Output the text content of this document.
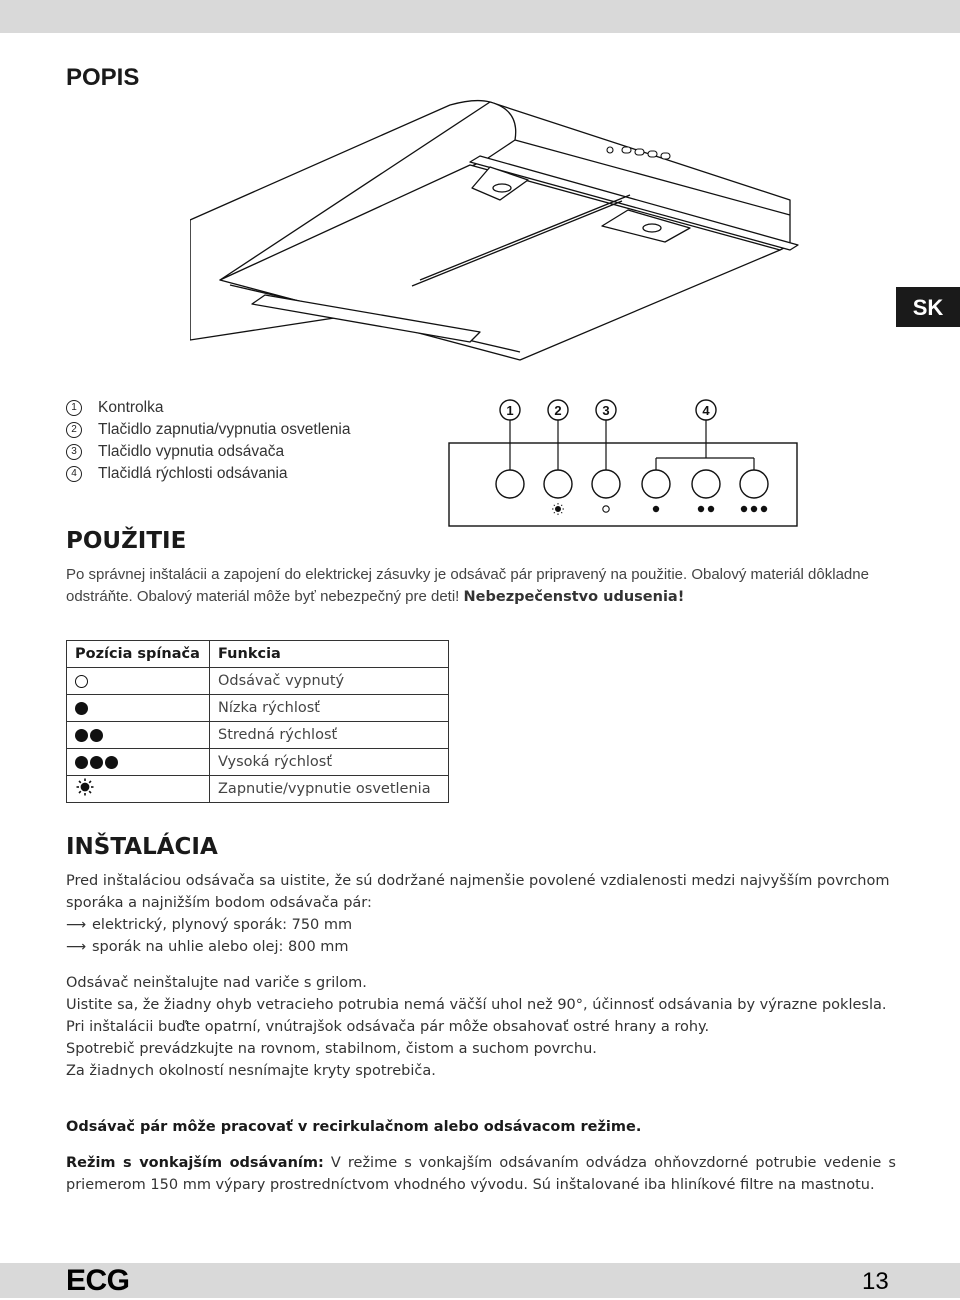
POPIS
SK
1	Kontrolka
2	Tlačidlo zapnutia/vypnutia osvetlenia
3	Tlačidlo vypnutia odsávača
4	Tlačidlá rýchlosti odsávania
1	2	3	4
POUŽITIE

Po správnej inštalácii a zapojení do elektrickej zásuvky je odsávač pár pripravený na použitie. Obalový materiál dôkladne odstráňte. Obalový materiál môže byť nebezpečný pre deti! Nebezpečenstvo udusenia!

Pozícia spínača	Funkcia

	Odsávač vypnutý

	Nízka rýchlosť

	Stredná rýchlosť

	Vysoká rýchlosť
	Zapnutie/vypnutie osvetlenia
INŠTALÁCIA
Pred inštaláciou odsávača sa uistite, že sú dodržané najmenšie povolené vzdialenosti medzi najvyšším povrchom sporáka a najnižším bodom odsávača pár:
⟶ elektrický, plynový sporák: 750 mm
⟶ sporák na uhlie alebo olej: 800 mm
Odsávač neinštalujte nad variče s grilom.
Uistite sa, že žiadny ohyb vetracieho potrubia nemá väčší uhol než 90°, účinnosť odsávania by výrazne poklesla.
Pri inštalácii buďte opatrní, vnútrajšok odsávača pár môže obsahovať ostré hrany a rohy.
Spotrebič prevádzkujte na rovnom, stabilnom, čistom a suchom povrchu.
Za žiadnych okolností nesnímajte kryty spotrebiča.

Odsávač pár môže pracovať v recirkulačnom alebo odsávacom režime.

Režim s vonkajším odsávaním: V režime s vonkajším odsávaním odvádza ohňovzdorné potrubie vedenie s priemerom 150 mm výpary prostredníctvom vhodného vývodu. Sú inštalované iba hliníkové filtre na mastnotu.

ECG	13
